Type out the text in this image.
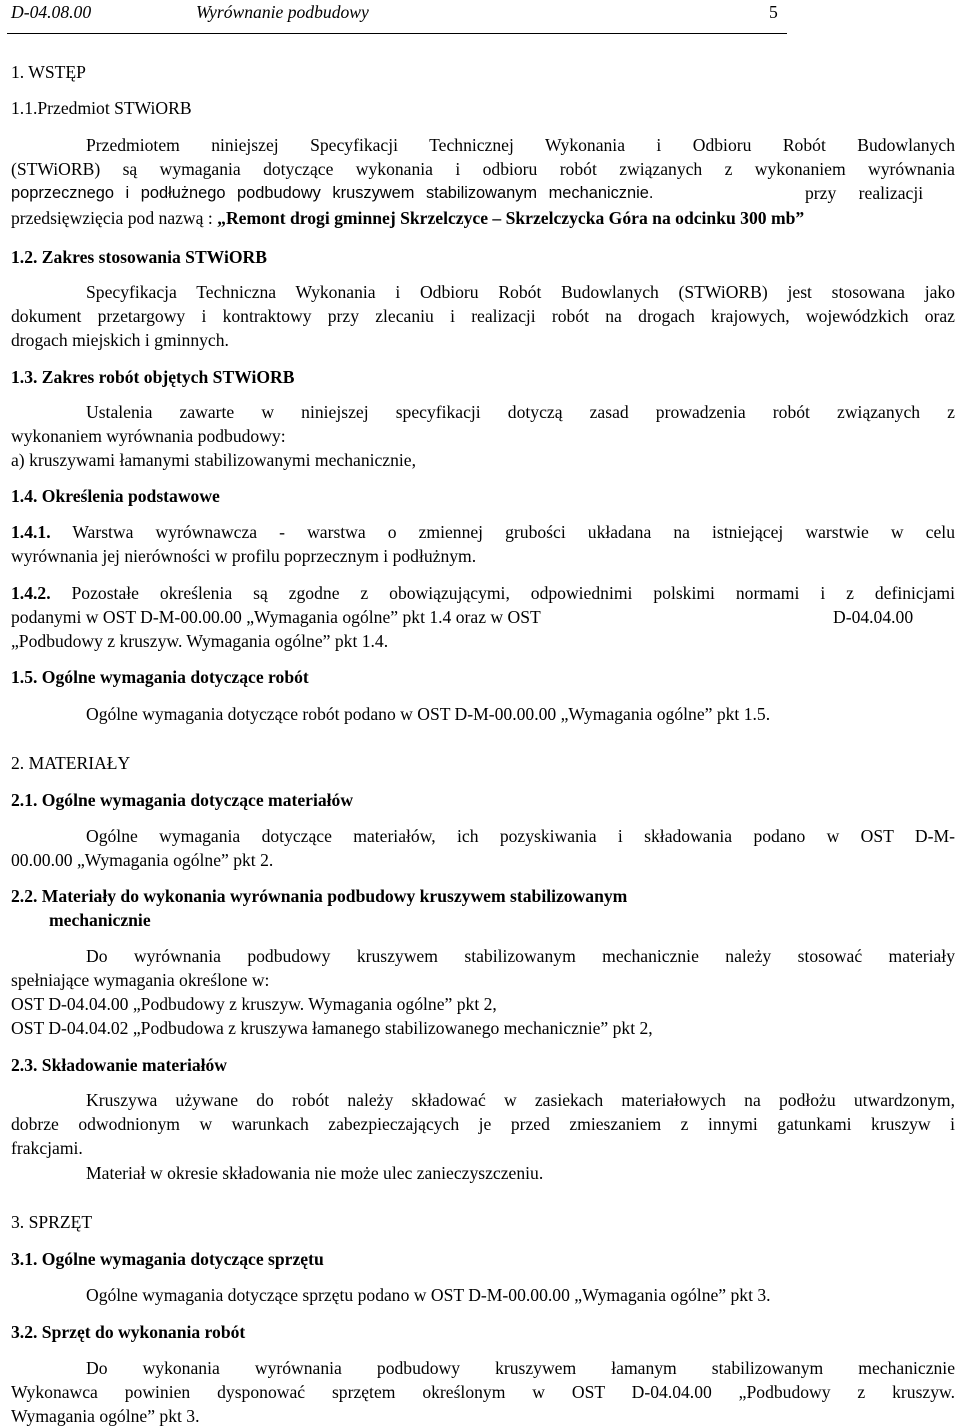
D-04.08.00	Wyrównanie podbudowy	5
1. WSTĘP
1.1.Przedmiot STWiORB
Przedmiotem niniejszej Specyfikacji Technicznej Wykonania i Odbioru Robót Budowlanych
(STWiORB) są wymagania dotyczące wykonania i odbioru robót związanych z wykonaniem wyrównania
poprzecznego i podłużnego podbudowy kruszywem stabilizowanym mechanicznie.	przy realizacji
przedsięwzięcia pod nazwą : „Remont drogi gminnej Skrzelczyce – Skrzelczycka Góra na odcinku 300 mb”
1.2. Zakres stosowania STWiORB
Specyfikacja Techniczna Wykonania i Odbioru Robót Budowlanych (STWiORB) jest stosowana jako
dokument przetargowy i kontraktowy przy zlecaniu i realizacji robót na drogach krajowych, wojewódzkich oraz
drogach miejskich i gminnych.
1.3. Zakres robót objętych STWiORB
Ustalenia zawarte w niniejszej specyfikacji dotyczą zasad prowadzenia robót związanych z
wykonaniem wyrównania podbudowy:
a) kruszywami łamanymi stabilizowanymi mechanicznie,
1.4. Określenia podstawowe
1.4.1. Warstwa wyrównawcza - warstwa o zmiennej grubości układana na istniejącej warstwie w celu
wyrównania jej nierówności w profilu poprzecznym i podłużnym.
1.4.2. Pozostałe określenia są zgodne z obowiązującymi, odpowiednimi polskimi normami i z definicjami
podanymi w OST D-M-00.00.00 „Wymagania ogólne” pkt 1.4 oraz w OST	D-04.04.00
„Podbudowy z kruszyw. Wymagania ogólne” pkt 1.4.
1.5. Ogólne wymagania dotyczące robót
Ogólne wymagania dotyczące robót podano w OST D-M-00.00.00 „Wymagania ogólne” pkt 1.5.
2. MATERIAŁY
2.1. Ogólne wymagania dotyczące materiałów
Ogólne wymagania dotyczące materiałów, ich pozyskiwania i składowania podano w OST D-M-
00.00.00 „Wymagania ogólne” pkt 2.
2.2. Materiały do wykonania wyrównania podbudowy kruszywem stabilizowanym
mechanicznie
Do wyrównania podbudowy kruszywem stabilizowanym mechanicznie należy stosować materiały
spełniające wymagania określone w:
OST D-04.04.00 „Podbudowy z kruszyw. Wymagania ogólne” pkt 2,
OST D-04.04.02 „Podbudowa z kruszywa łamanego stabilizowanego mechanicznie” pkt 2,
2.3. Składowanie materiałów
Kruszywa używane do robót należy składować w zasiekach materiałowych na podłożu utwardzonym,
dobrze odwodnionym w warunkach zabezpieczających je przed zmieszaniem z innymi gatunkami kruszyw i
frakcjami.
Materiał w okresie składowania nie może ulec zanieczyszczeniu.
3. SPRZĘT
3.1. Ogólne wymagania dotyczące sprzętu
Ogólne wymagania dotyczące sprzętu podano w OST D-M-00.00.00 „Wymagania ogólne” pkt 3.
3.2. Sprzęt do wykonania robót
Do wykonania wyrównania podbudowy kruszywem łamanym stabilizowanym mechanicznie
Wykonawca powinien dysponować sprzętem określonym w OST D-04.04.00 „Podbudowy z kruszyw.
Wymagania ogólne” pkt 3.
